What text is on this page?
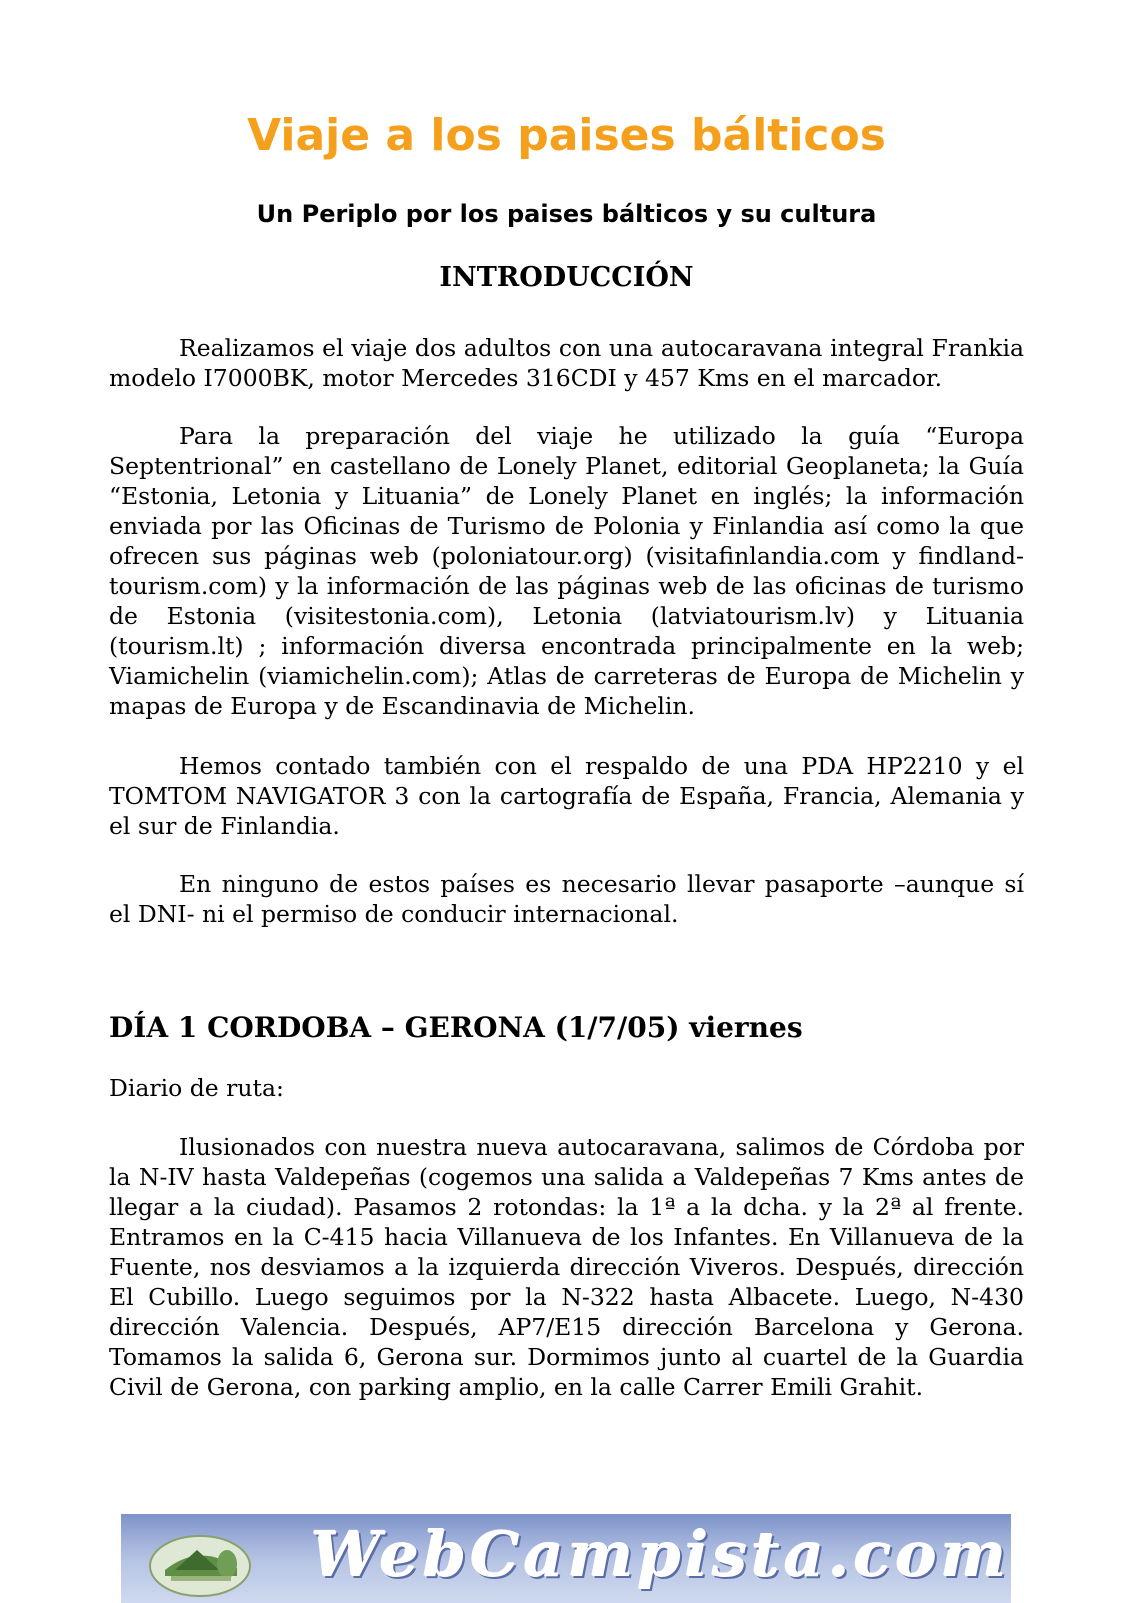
Viaje a los paises bálticos
Un Periplo por los paises bálticos y su cultura
INTRODUCCIÓN

Realizamos el viaje dos adultos con una autocaravana integral Frankia modelo I7000BK, motor Mercedes 316CDI y 457 Kms en el marcador.

Para la preparación del viaje he utilizado la guía “Europa Septentrional” en castellano de Lonely Planet, editorial Geoplaneta; la Guía “Estonia, Letonia y Lituania” de Lonely Planet en inglés; la información enviada por las Oficinas de Turismo de Polonia y Finlandia así como la que ofrecen sus páginas web (poloniatour.org) (visitafinlandia.com y findland-tourism.com) y la información de las páginas web de las oficinas de turismo de Estonia (visitestonia.com), Letonia (latviatourism.lv) y Lituania (tourism.lt) ; información diversa encontrada principalmente en la web; Viamichelin (viamichelin.com); Atlas de carreteras de Europa de Michelin y mapas de Europa y de Escandinavia de Michelin.

Hemos contado también con el respaldo de una PDA HP2210 y el TOMTOM NAVIGATOR 3 con la cartografía de España, Francia, Alemania y el sur de Finlandia.

En ninguno de estos países es necesario llevar pasaporte –aunque sí el DNI- ni el permiso de conducir internacional.

DÍA 1 CORDOBA – GERONA (1/7/05) viernes

Diario de ruta:

Ilusionados con nuestra nueva autocaravana, salimos de Córdoba por la N-IV hasta Valdepeñas (cogemos una salida a Valdepeñas 7 Kms antes de llegar a la ciudad). Pasamos 2 rotondas: la 1ª a la dcha. y la 2ª al frente. Entramos en la C-415 hacia Villanueva de los Infantes. En Villanueva de la Fuente, nos desviamos a la izquierda dirección Viveros. Después, dirección El Cubillo. Luego seguimos por la N-322 hasta Albacete. Luego, N-430 dirección Valencia. Después, AP7/E15 dirección Barcelona y Gerona. Tomamos la salida 6, Gerona sur. Dormimos junto al cuartel de la Guardia Civil de Gerona, con parking amplio, en la calle Carrer Emili Grahit.

WebCampista.com
